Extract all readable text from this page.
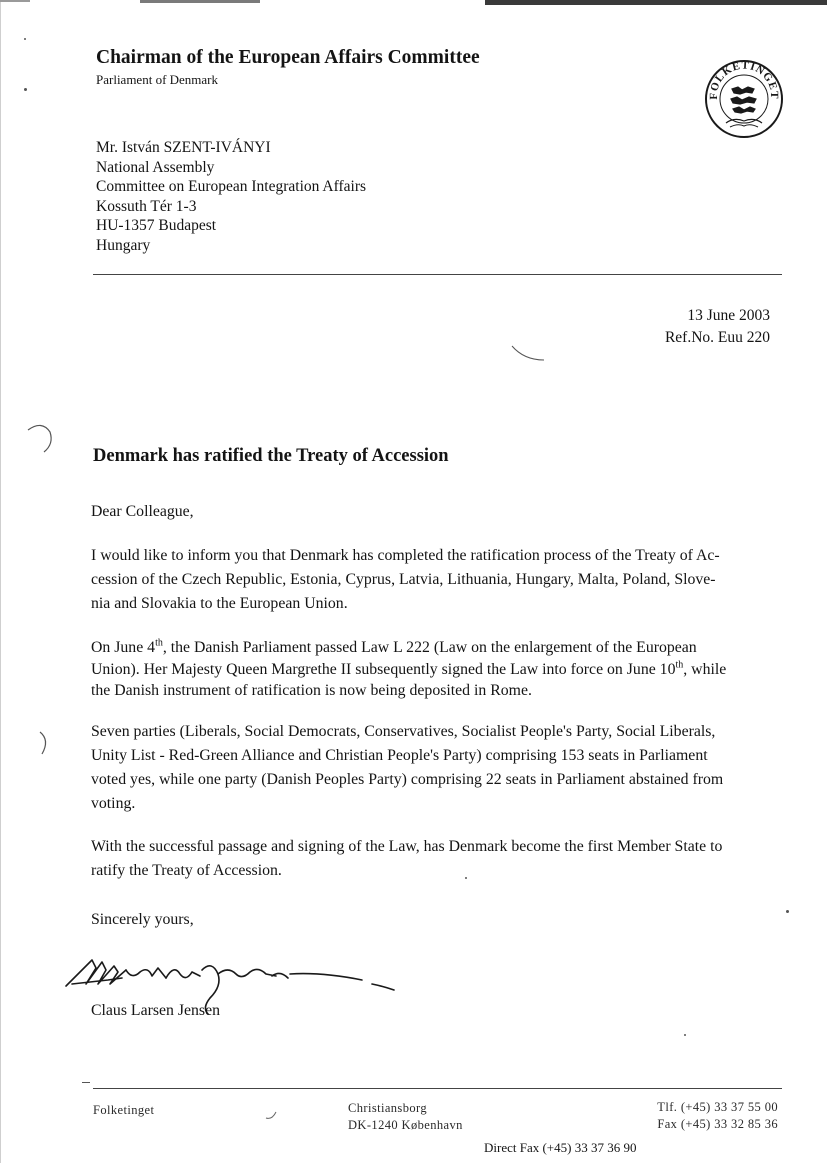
Chairman of the European Affairs Committee
Parliament of Denmark
FOLKETINGET
Mr. István SZENT-IVÁNYI
National Assembly
Committee on European Integration Affairs
Kossuth Tér 1-3
HU-1357 Budapest
Hungary
13 June 2003
Ref.No. Euu 220
Denmark has ratified the Treaty of Accession
Dear Colleague,
I would like to inform you that Denmark has completed the ratification process of the Treaty of Ac-
cession of the Czech Republic, Estonia, Cyprus, Latvia, Lithuania, Hungary, Malta, Poland, Slove-
nia and Slovakia to the European Union.
On June 4th, the Danish Parliament passed Law L 222 (Law on the enlargement of the European
Union). Her Majesty Queen Margrethe II subsequently signed the Law into force on June 10th, while
the Danish instrument of ratification is now being deposited in Rome.
Seven parties (Liberals, Social Democrats, Conservatives, Socialist People's Party, Social Liberals,
Unity List - Red-Green Alliance and Christian People's Party) comprising 153 seats in Parliament
voted yes, while one party (Danish Peoples Party) comprising 22 seats in Parliament abstained from
voting.
With the successful passage and signing of the Law, has Denmark become the first Member State to
ratify the Treaty of Accession.
Sincerely yours,
Claus Larsen Jensen
Folketinget	Christiansborg
DK-1240 København
Tlf. (+45) 33 37 55 00
Fax (+45) 33 32 85 36
Direct Fax (+45) 33 37 36 90
